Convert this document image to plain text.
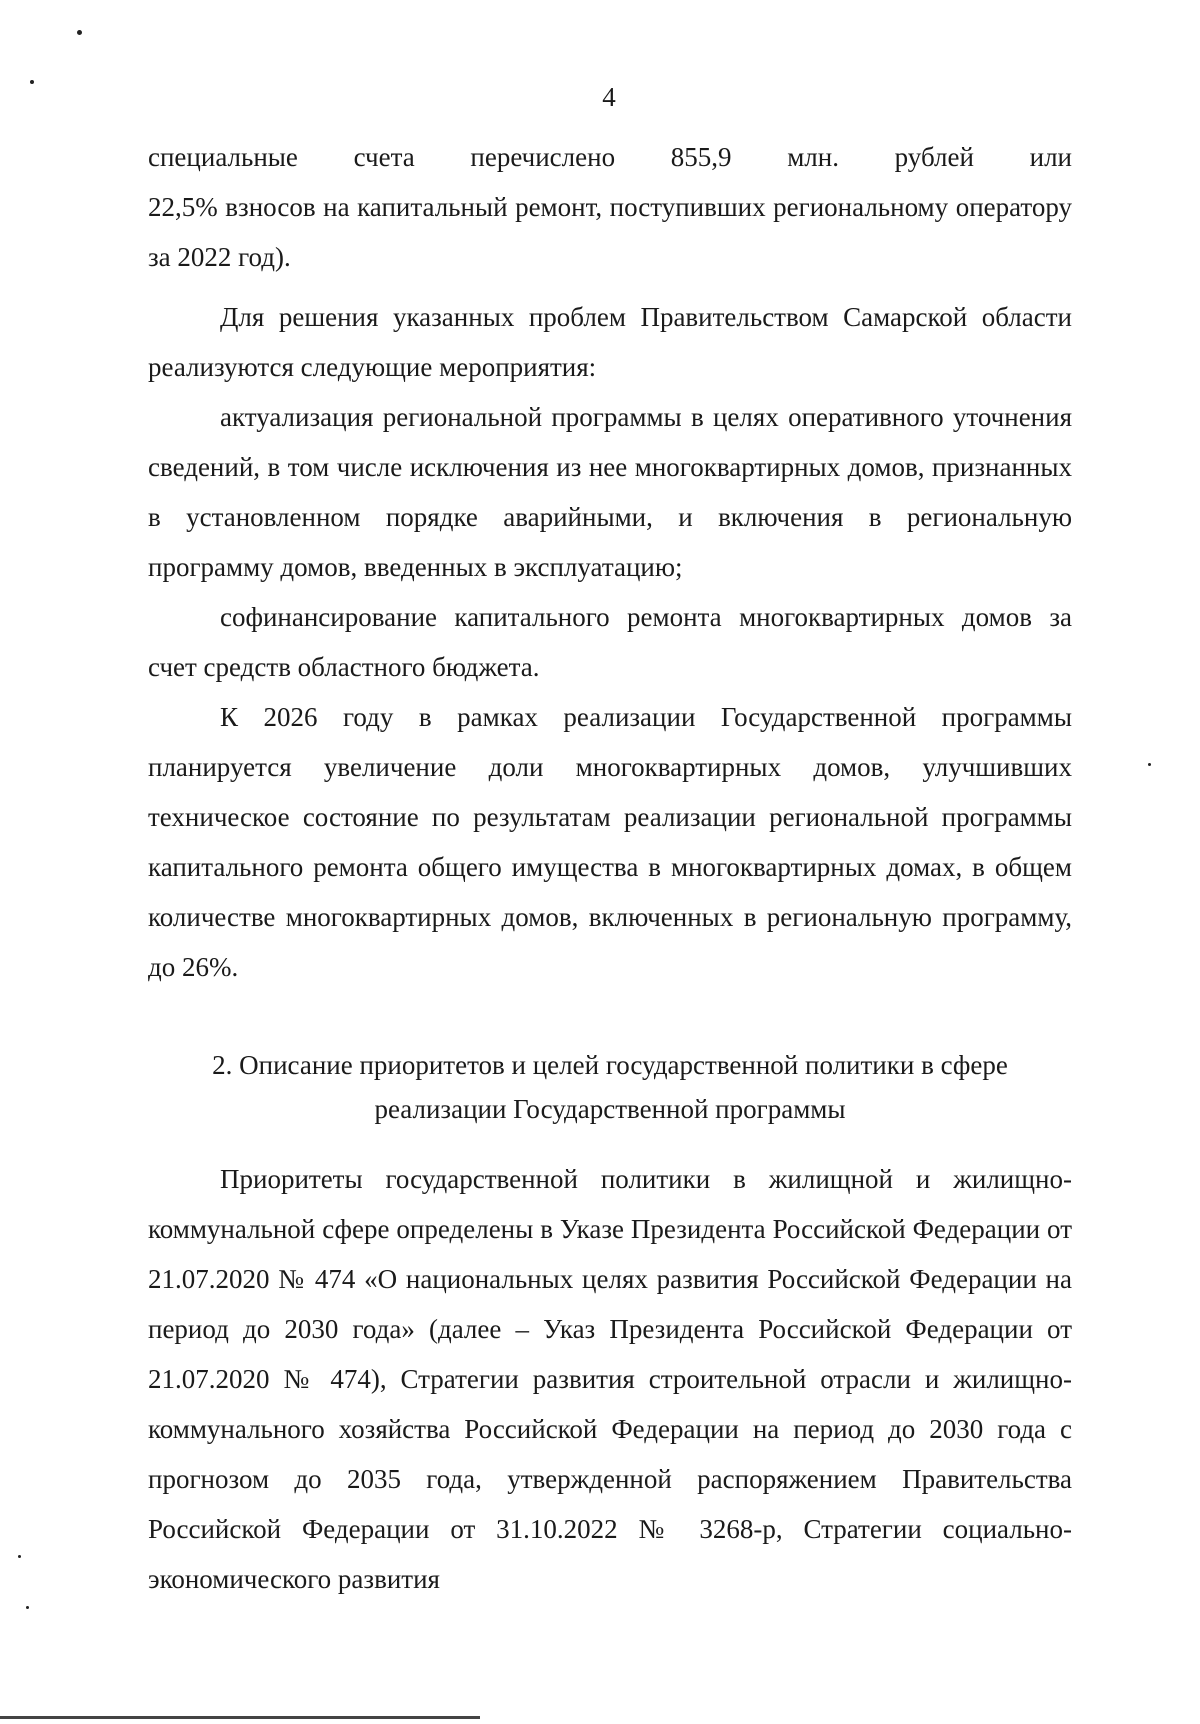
4
специальные счета перечислено 855,9 млн. рублей или
22,5% взносов на капитальный ремонт, поступивших региональному оператору за 2022 год).
Для решения указанных проблем Правительством Самарской области реализуются следующие мероприятия:
актуализация региональной программы в целях оперативного уточнения сведений, в том числе исключения из нее многоквартирных домов, признанных в установленном порядке аварийными, и включения в региональную программу домов, введенных в эксплуатацию;
софинансирование капитального ремонта многоквартирных домов за счет средств областного бюджета.
К 2026 году в рамках реализации Государственной программы планируется увеличение доли многоквартирных домов, улучшивших техническое состояние по результатам реализации региональной программы капитального ремонта общего имущества в многоквартирных домах, в общем количестве многоквартирных домов, включенных в региональную программу, до 26%.
2. Описание приоритетов и целей государственной политики в сфере
реализации Государственной программы
Приоритеты государственной политики в жилищной и жилищно-коммунальной сфере определены в Указе Президента Российской Федерации от 21.07.2020 № 474 «О национальных целях развития Российской Федерации на период до 2030 года» (далее – Указ Президента Российской Федерации от 21.07.2020 № 474), Стратегии развития строительной отрасли и жилищно-коммунального хозяйства Российской Федерации на период до 2030 года с прогнозом до 2035 года, утвержденной распоряжением Правительства Российской Федерации от 31.10.2022 № 3268-р, Стратегии социально-экономического развития
